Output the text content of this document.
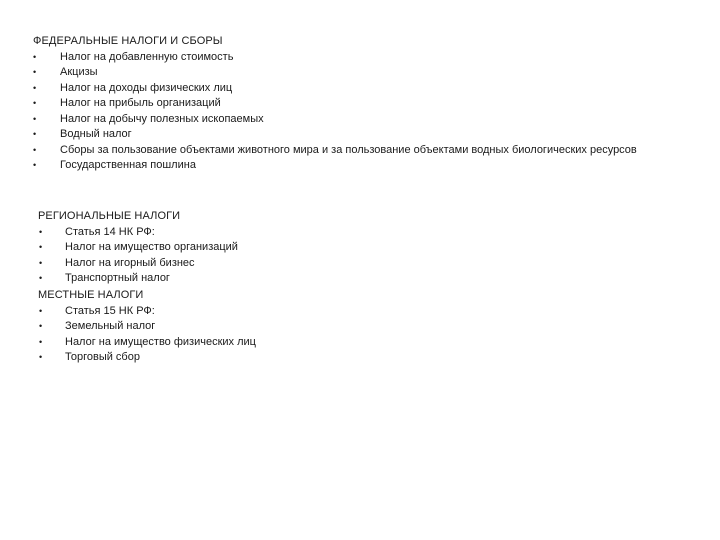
ФЕДЕРАЛЬНЫЕ НАЛОГИ И СБОРЫ
• Налог на добавленную стоимость
• Акцизы
• Налог на доходы физических лиц
• Налог на прибыль организаций
• Налог на добычу полезных ископаемых
• Водный налог
• Сборы за пользование объектами животного мира и за пользование объектами водных биологических ресурсов
• Государственная пошлина
РЕГИОНАЛЬНЫЕ НАЛОГИ
• Статья 14 НК РФ:
• Налог на имущество организаций
• Налог на игорный бизнес
• Транспортный налог
МЕСТНЫЕ НАЛОГИ
• Статья 15 НК РФ:
• Земельный налог
• Налог на имущество физических лиц
• Торговый сбор
